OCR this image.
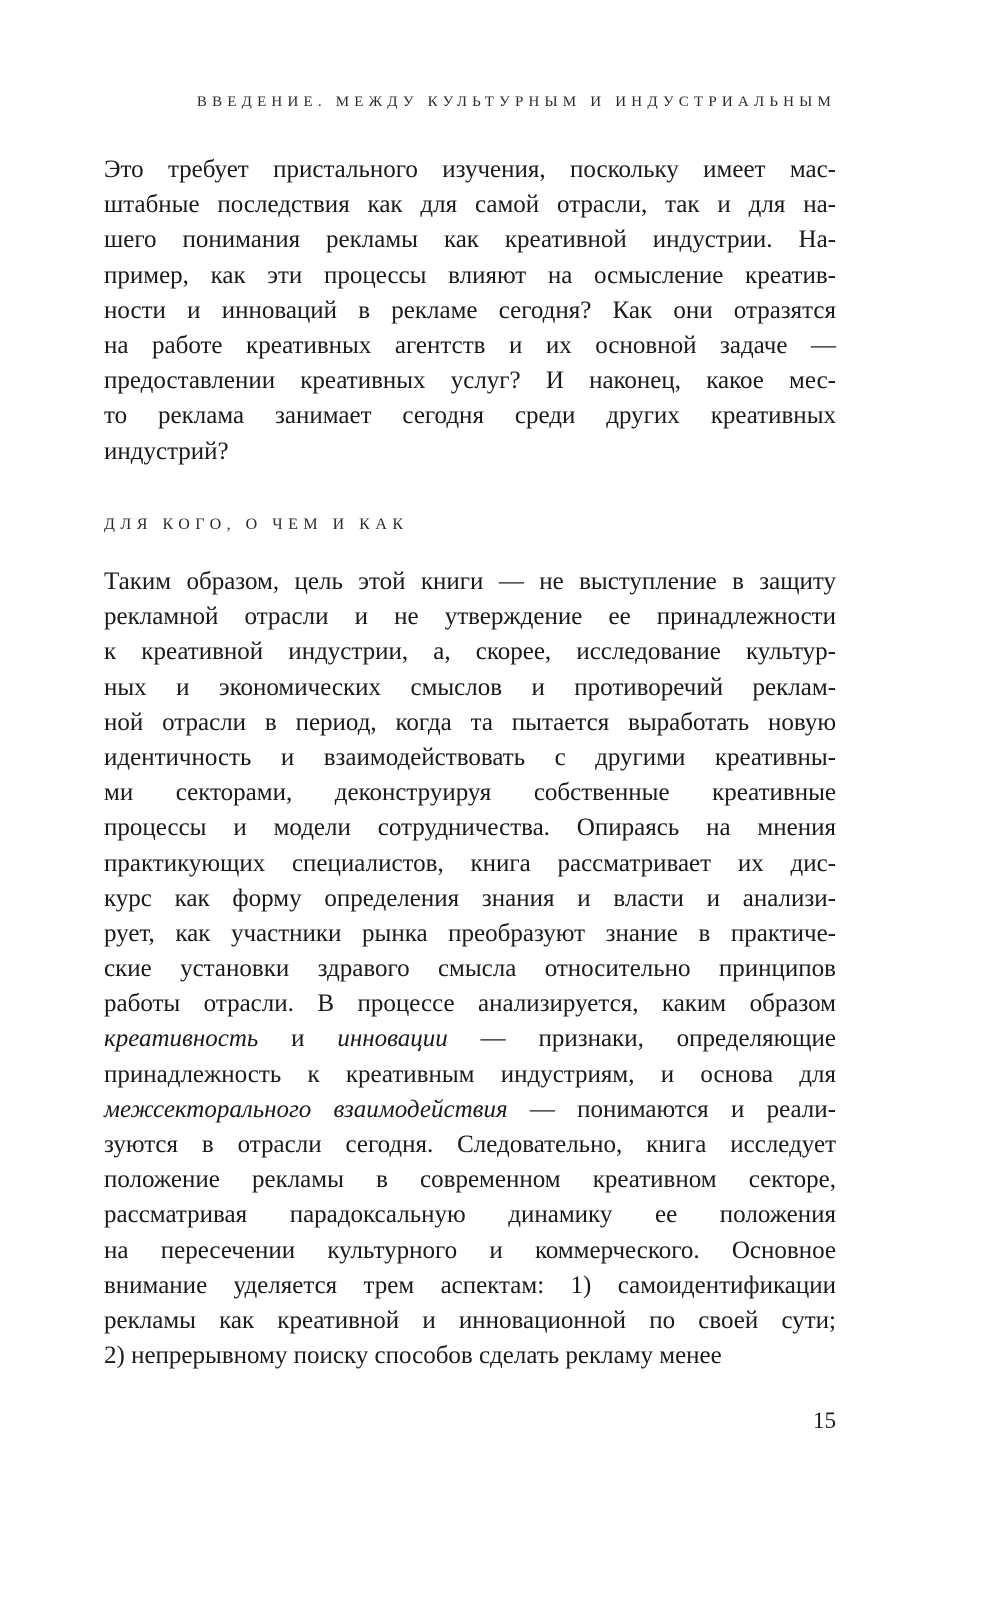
ВВЕДЕНИЕ. МЕЖДУ КУЛЬТУРНЫМ И ИНДУСТРИАЛЬНЫМ
Это требует пристального изучения, поскольку имеет мас-
штабные последствия как для самой отрасли, так и для на-
шего понимания рекламы как креативной индустрии. На-
пример, как эти процессы влияют на осмысление креатив-
ности и инноваций в рекламе сегодня? Как они отразятся
на работе креативных агентств и их основной задаче —
предоставлении креативных услуг? И наконец, какое мес-
то реклама занимает сегодня среди других креативных
индустрий?
ДЛЯ КОГО, О ЧЕМ И КАК
Таким образом, цель этой книги — не выступление в защиту
рекламной отрасли и не утверждение ее принадлежности
к креативной индустрии, а, скорее, исследование культур-
ных и экономических смыслов и противоречий реклам-
ной отрасли в период, когда та пытается выработать новую
идентичность и взаимодействовать с другими креативны-
ми секторами, деконструируя собственные креативные
процессы и модели сотрудничества. Опираясь на мнения
практикующих специалистов, книга рассматривает их дис-
курс как форму определения знания и власти и анализи-
рует, как участники рынка преобразуют знание в практиче-
ские установки здравого смысла относительно принципов
работы отрасли. В процессе анализируется, каким образом
креативность и инновации — признаки, определяющие
принадлежность к креативным индустриям, и основа для
межсекторального взаимодействия — понимаются и реали-
зуются в отрасли сегодня. Следовательно, книга исследует
положение рекламы в современном креативном секторе,
рассматривая парадоксальную динамику ее положения
на пересечении культурного и коммерческого. Основное
внимание уделяется трем аспектам: 1) самоидентификации
рекламы как креативной и инновационной по своей сути;
2) непрерывному поиску способов сделать рекламу менее
15
